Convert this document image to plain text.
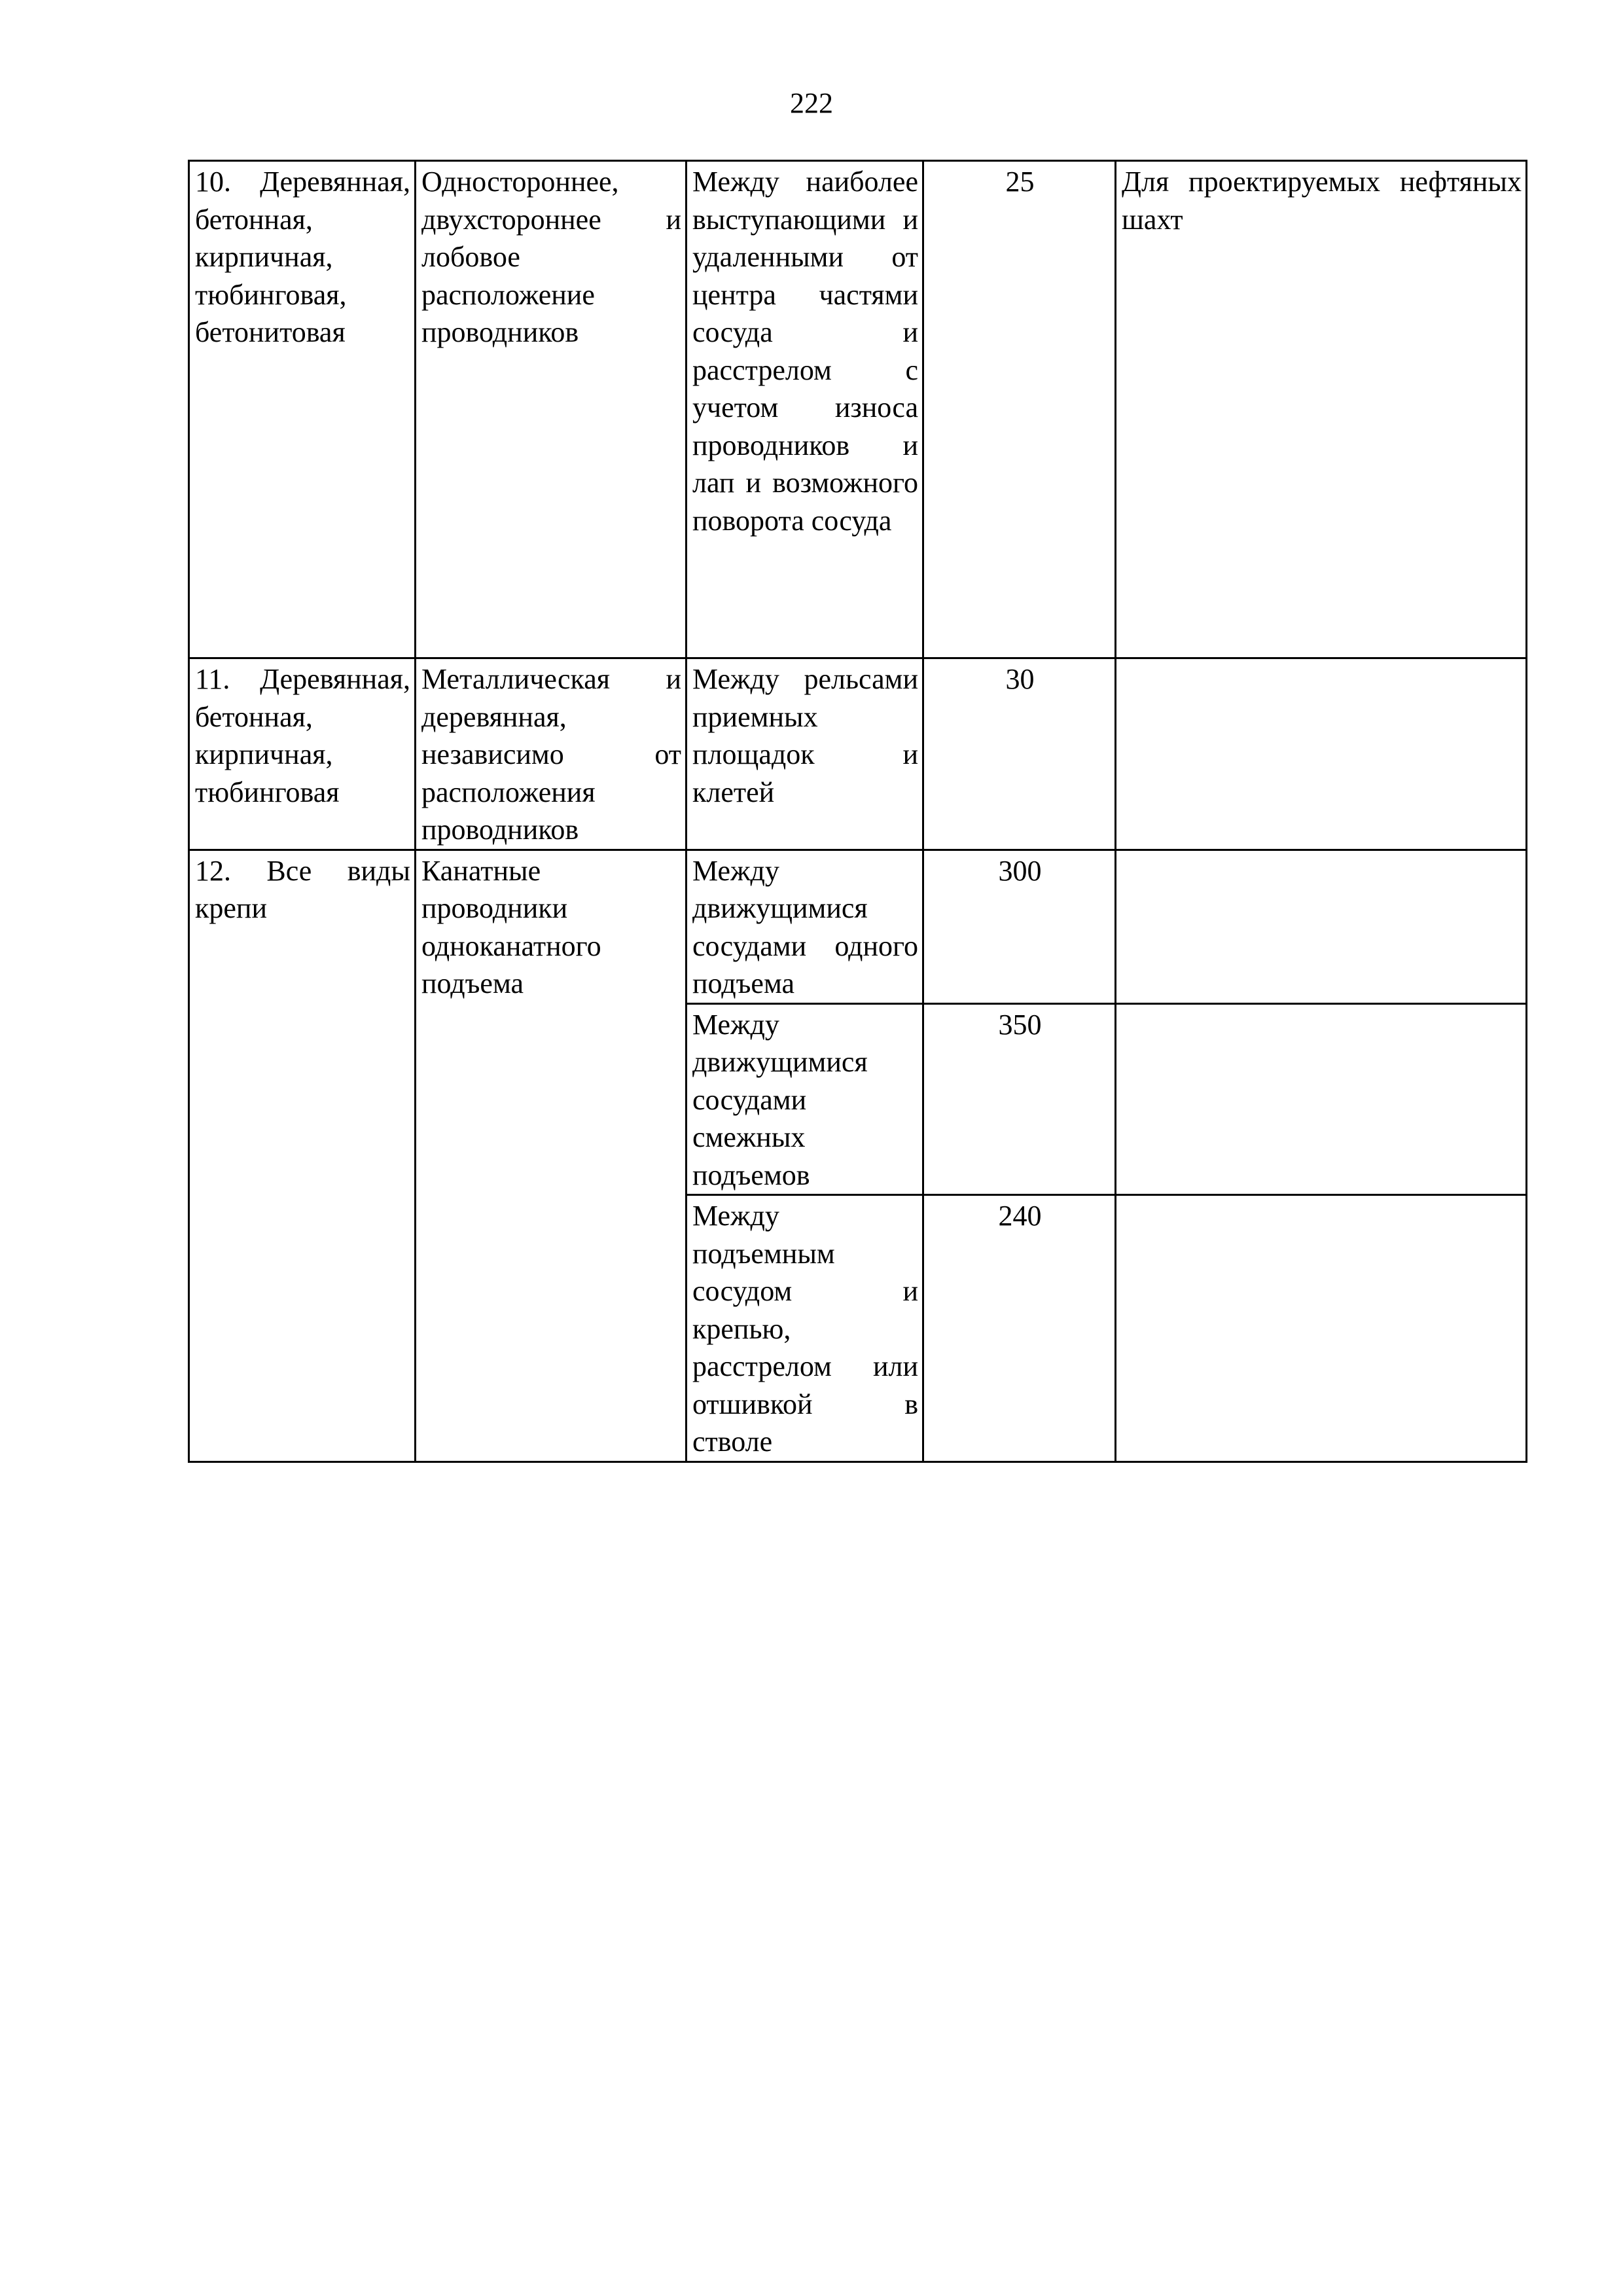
222
10. Деревянная, бетонная, кирпичная, тюбинговая, бетонитовая	Одностороннее, двухстороннее и лобовое расположение проводников	Между наиболее выступающими и удаленными от центра частями сосуда и расстрелом с учетом износа проводников и лап и возможного поворота сосуда	25	Для проектируемых нефтяных шахт

11. Деревянная, бетонная, кирпичная, тюбинговая	Металлическая и деревянная, независимо от расположения проводников	Между рельсами приемных площадок и клетей	30	

12. Все виды крепи	Канатные проводники одноканатного подъема	Между движущимися сосудами одного подъема	300	

		Между движущимися сосудами смежных подъемов	350	

		Между подъемным сосудом и крепью, расстрелом или отшивкой в стволе	240	
